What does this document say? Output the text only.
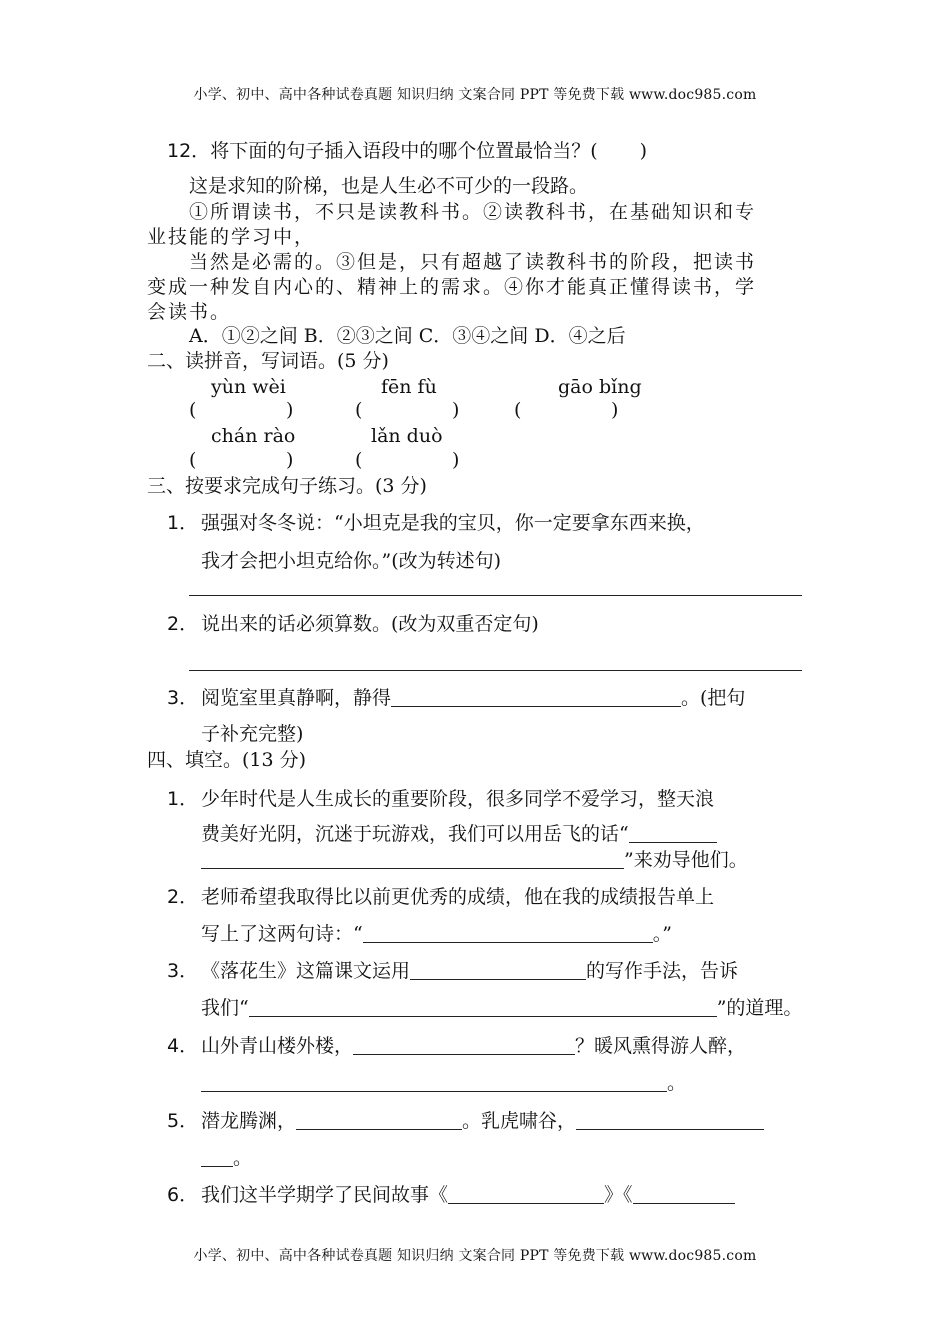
小学、初中、高中各种试卷真题 知识归纳 文案合同 PPT 等免费下载 www.doc985.com
12．将下面的句子插入语段中的哪个位置最恰当？( )
这是求知的阶梯，也是人生必不可少的一段路。
①所谓读书，不只是读教科书。②读教科书，在基础知识和专
业技能的学习中，
当然是必需的。③但是，只有超越了读教科书的阶段，把读书
变成一种发自内心的、精神上的需求。④你才能真正懂得读书，学
会读书。
A．①②之间 B．②③之间 C．③④之间 D．④之后
二、读拼音，写词语。(5 分)
yùn wèi	fēn fù	gāo bǐng
(	)	(	)	(	)
chán rào	lǎn duò
(	)	(	)
三、按要求完成句子练习。(3 分)
1． 强强对冬冬说：“小坦克是我的宝贝，你一定要拿东西来换，
我才会把小坦克给你。”(改为转述句)
2． 说出来的话必须算数。(改为双重否定句)
3． 阅览室里真静啊，静得	。(把句
子补充完整)
四、填空。(13 分)
1． 少年时代是人生成长的重要阶段，很多同学不爱学习，整天浪
费美好光阴，沉迷于玩游戏，我们可以用岳飞的话“
”来劝导他们。
2． 老师希望我取得比以前更优秀的成绩，他在我的成绩报告单上
写上了这两句诗：“	。”
3． 《落花生》这篇课文运用	的写作手法，告诉
我们“	”的道理。
4． 山外青山楼外楼，	？暖风熏得游人醉，
。
5． 潜龙腾渊，	。乳虎啸谷，
。
6． 我们这半学期学了民间故事《	》《
小学、初中、高中各种试卷真题 知识归纳 文案合同 PPT 等免费下载 www.doc985.com
